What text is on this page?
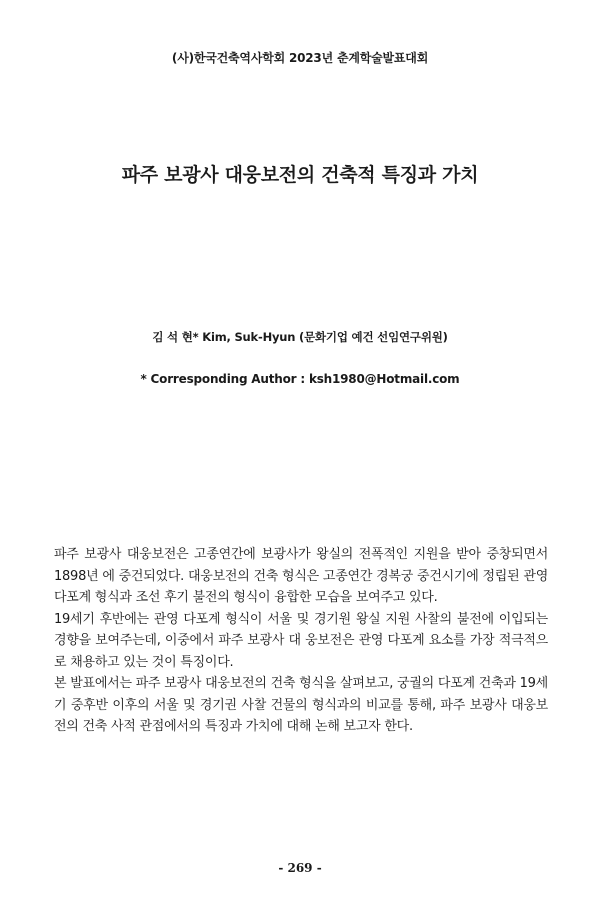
(사)한국건축역사학회 2023년 춘계학술발표대회
파주 보광사 대웅보전의 건축적 특징과 가치
김 석 현* Kim, Suk-Hyun (문화기업 예건 선임연구위원)
* Corresponding Author : ksh1980@Hotmail.com

파주 보광사 대웅보전은 고종연간에 보광사가 왕실의 전폭적인 지원을 받아 중창되면서 1898년 에 중건되었다. 대웅보전의 건축 형식은 고종연간 경복궁 중건시기에 정립된 관영 다포계 형식과 조선 후기 불전의 형식이 융합한 모습을 보여주고 있다.

19세기 후반에는 관영 다포계 형식이 서울 및 경기원 왕실 지원 사찰의 불전에 이입되는 경향을 보여주는데, 이중에서 파주 보광사 대 웅보전은 관영 다포계 요소를 가장 적극적으로 채용하고 있는 것이 특징이다.

본 발표에서는 파주 보광사 대웅보전의 건축 형식을 살펴보고, 궁궐의 다포계 건축과 19세기 중후반 이후의 서울 및 경기권 사찰 건물의 형식과의 비교를 통해, 파주 보광사 대웅보전의 건축 사적 관점에서의 특징과 가치에 대해 논해 보고자 한다.

- 269 -
